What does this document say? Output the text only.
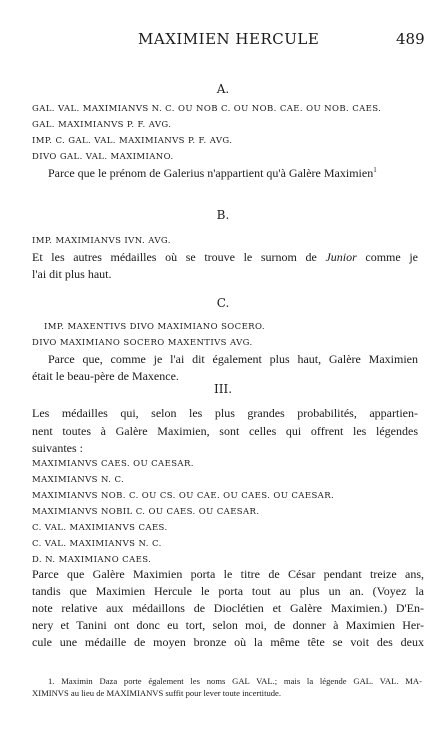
MAXIMIEN HERCULE	489
A.
GAL. VAL. MAXIMIANVS N. C. OU NOB C. OU NOB. CAE. OU NOB. CAES.
GAL. MAXIMIANVS P. F. AVG.
IMP. C. GAL. VAL. MAXIMIANVS P. F. AVG.
DIVO GAL. VAL. MAXIMIANO.
Parce que le prénom de Galerius n'appartient qu'à Galère Maximien$^1$
B.
IMP. MAXIMIANVS IVN. AVG.
Et les autres médailles où se trouve le surnom de Junior comme je
l'ai dit plus haut.
C.
IMP. MAXENTIVS DIVO MAXIMIANO SOCERO.
DIVO MAXIMIANO SOCERO MAXENTIVS AVG.
Parce que, comme je l'ai dit également plus haut, Galère Maximien
était le beau-père de Maxence.
III.
Les médailles qui, selon les plus grandes probabilités, appartien-
nent toutes à Galère Maximien, sont celles qui offrent les légendes
suivantes :
MAXIMIANVS CAES. OU CAESAR.
MAXIMIANVS N. C.
MAXIMIANVS NOB. C. OU CS. OU CAE. OU CAES. OU CAESAR.
MAXIMIANVS NOBIL C. OU CAES. OU CAESAR.
C. VAL. MAXIMIANVS CAES.
C. VAL. MAXIMIANVS N. C.
D. N. MAXIMIANO CAES.
Parce que Galère Maximien porta le titre de César pendant treize ans,
tandis que Maximien Hercule le porta tout au plus un an. (Voyez la
note relative aux médaillons de Dioclétien et Galère Maximien.) D'En-
nery et Tanini ont donc eu tort, selon moi, de donner à Maximien Her-
cule une médaille de moyen bronze où la même tête se voit des deux
1. Maximin Daza porte également les noms GAL VAL.; mais la légende GAL. VAL. MA-
XIMINVS au lieu de MAXIMIANVS suffit pour lever toute incertitude.
